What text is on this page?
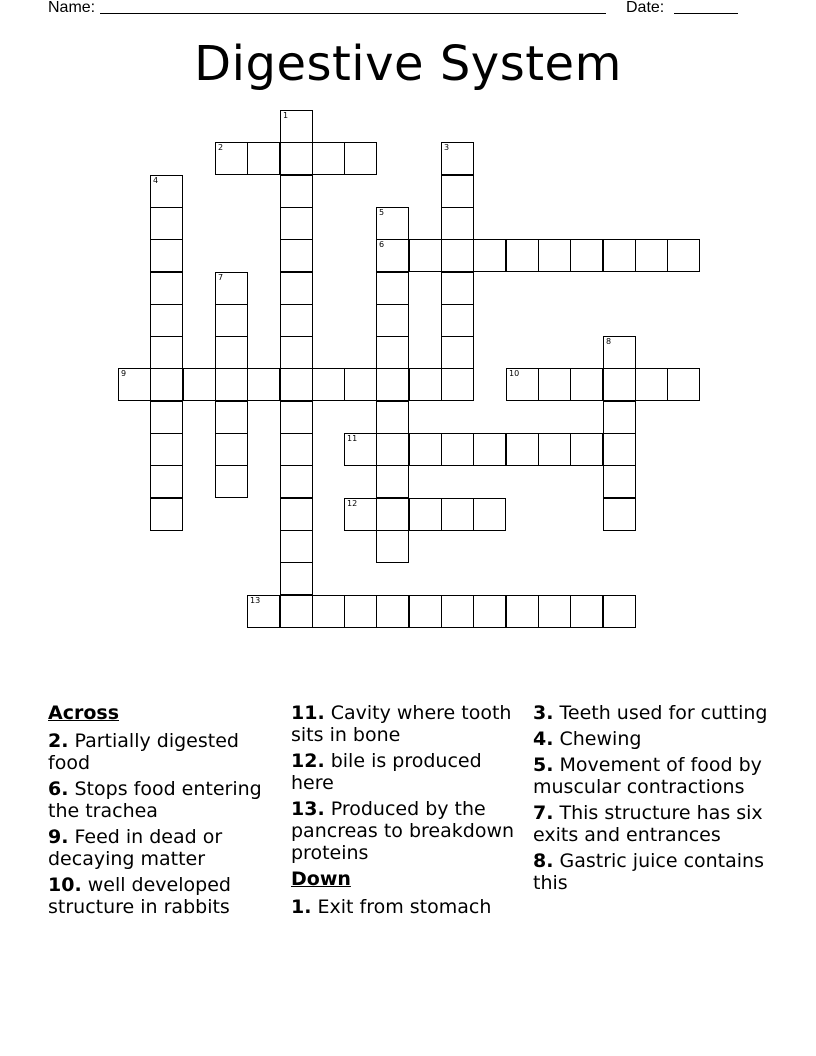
Name:	Date:
Digestive System
1
2	3
4
5
6
7
8
9	10
11
12
13
Across
2. Partially digested food
6. Stops food entering the trachea
9. Feed in dead or decaying matter
10. well developed structure in rabbits
11. Cavity where tooth sits in bone
12. bile is produced here
13. Produced by the pancreas to breakdown proteins
Down
1. Exit from stomach
3. Teeth used for cutting
4. Chewing
5. Movement of food by muscular contractions
7. This structure has six exits and entrances
8. Gastric juice contains this
